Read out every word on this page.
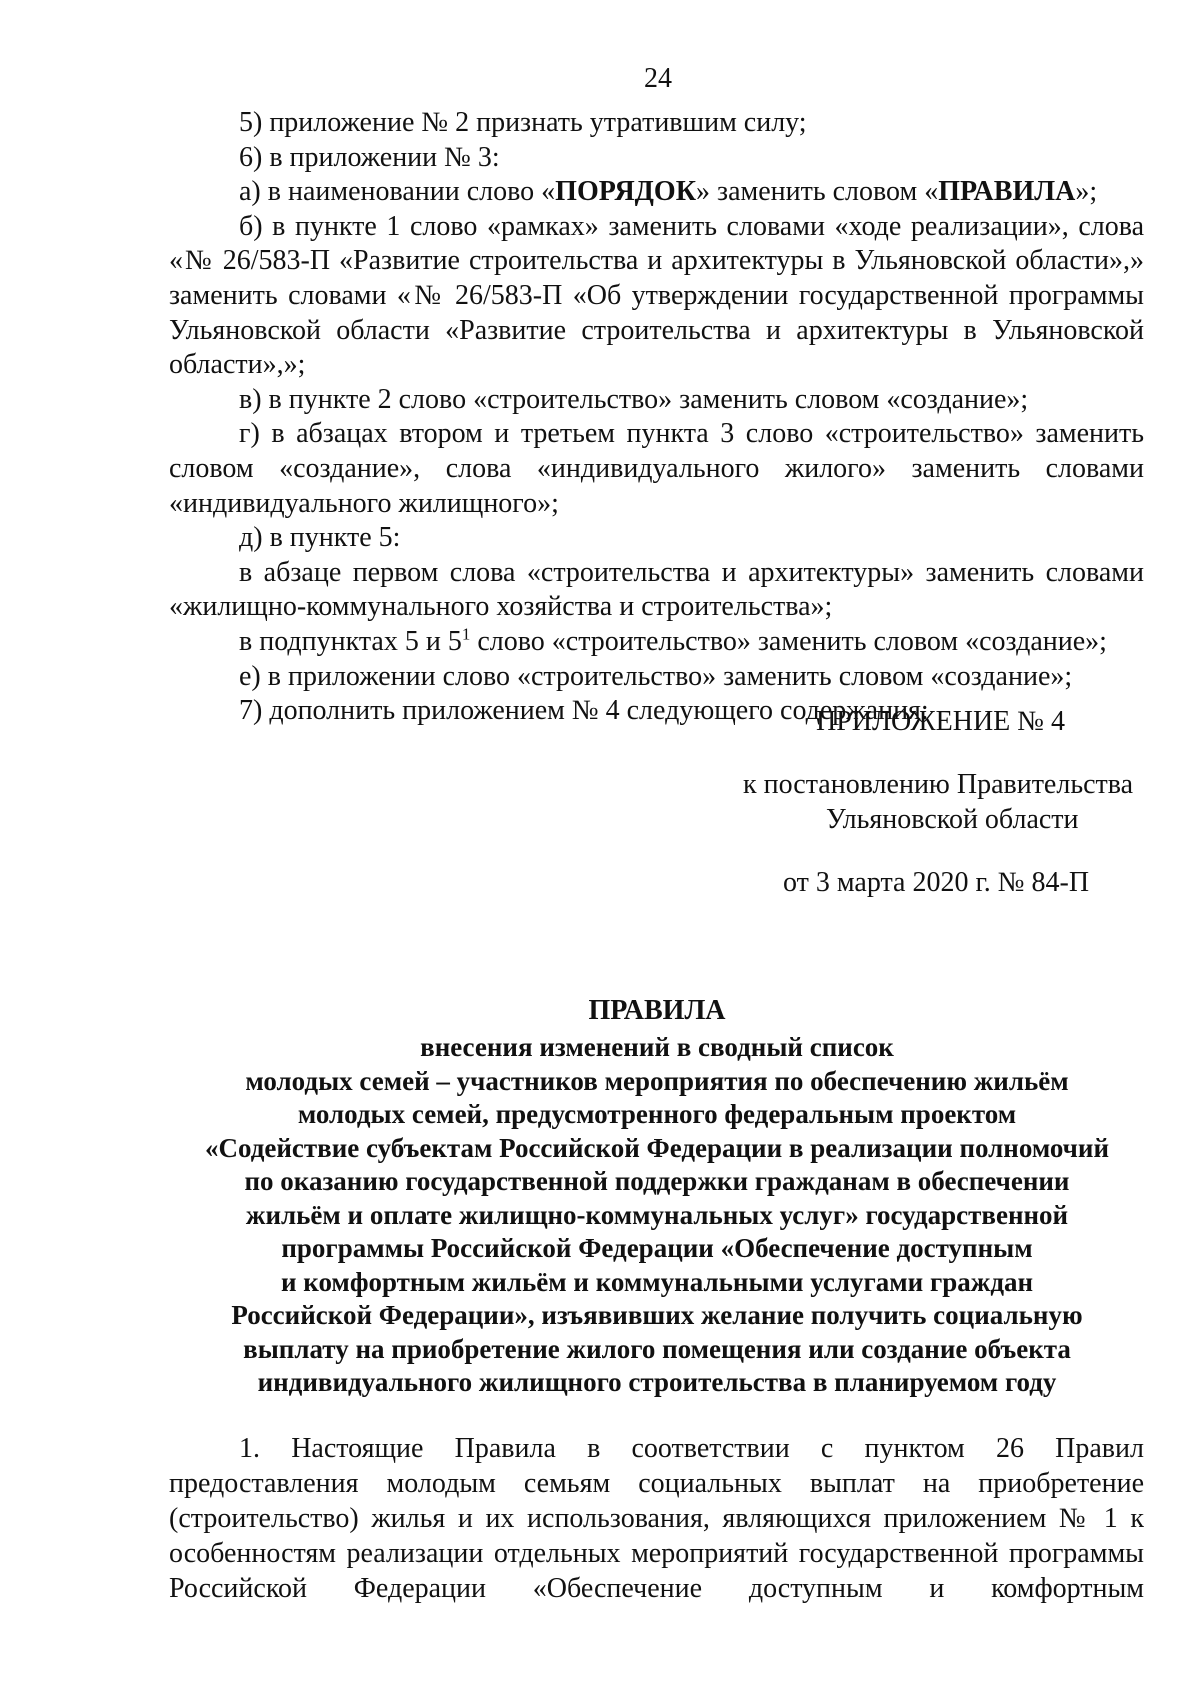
24

5) приложение № 2 признать утратившим силу;

6) в приложении № 3:

а) в наименовании слово «ПОРЯДОК» заменить словом «ПРАВИЛА»;

б) в пункте 1 слово «рамках» заменить словами «ходе реализации», слова «№ 26/583-П «Развитие строительства и архитектуры в Ульяновской области»,» заменить словами «№ 26/583-П «Об утверждении государственной программы Ульяновской области «Развитие строительства и архитектуры в Ульяновской области»,»;

в) в пункте 2 слово «строительство» заменить словом «создание»;

г) в абзацах втором и третьем пункта 3 слово «строительство» заменить словом «создание», слова «индивидуального жилого» заменить словами «индивидуального жилищного»;

д) в пункте 5:

в абзаце первом слова «строительства и архитектуры» заменить словами «жилищно-коммунального хозяйства и строительства»;

в подпунктах 5 и $5^1$ слово «строительство» заменить словом «создание»;

е) в приложении слово «строительство» заменить словом «создание»;

7) дополнить приложением № 4 следующего содержания:

ПРИЛОЖЕНИЕ № 4
к постановлению Правительства
Ульяновской области
от 3 марта 2020 г. № 84-П
ПРАВИЛА
внесения изменений в сводный список
молодых семей – участников мероприятия по обеспечению жильём
молодых семей, предусмотренного федеральным проектом
«Содействие субъектам Российской Федерации в реализации полномочий
по оказанию государственной поддержки гражданам в обеспечении
жильём и оплате жилищно-коммунальных услуг» государственной
программы Российской Федерации «Обеспечение доступным
и комфортным жильём и коммунальными услугами граждан
Российской Федерации», изъявивших желание получить социальную
выплату на приобретение жилого помещения или создание объекта
индивидуального жилищного строительства в планируемом году

1. Настоящие Правила в соответствии с пунктом 26 Правил предоставления молодым семьям социальных выплат на приобретение (строительство) жилья и их использования, являющихся приложением № 1 к особенностям реализации отдельных мероприятий государственной программы Российской Федерации «Обеспечение доступным и комфортным
